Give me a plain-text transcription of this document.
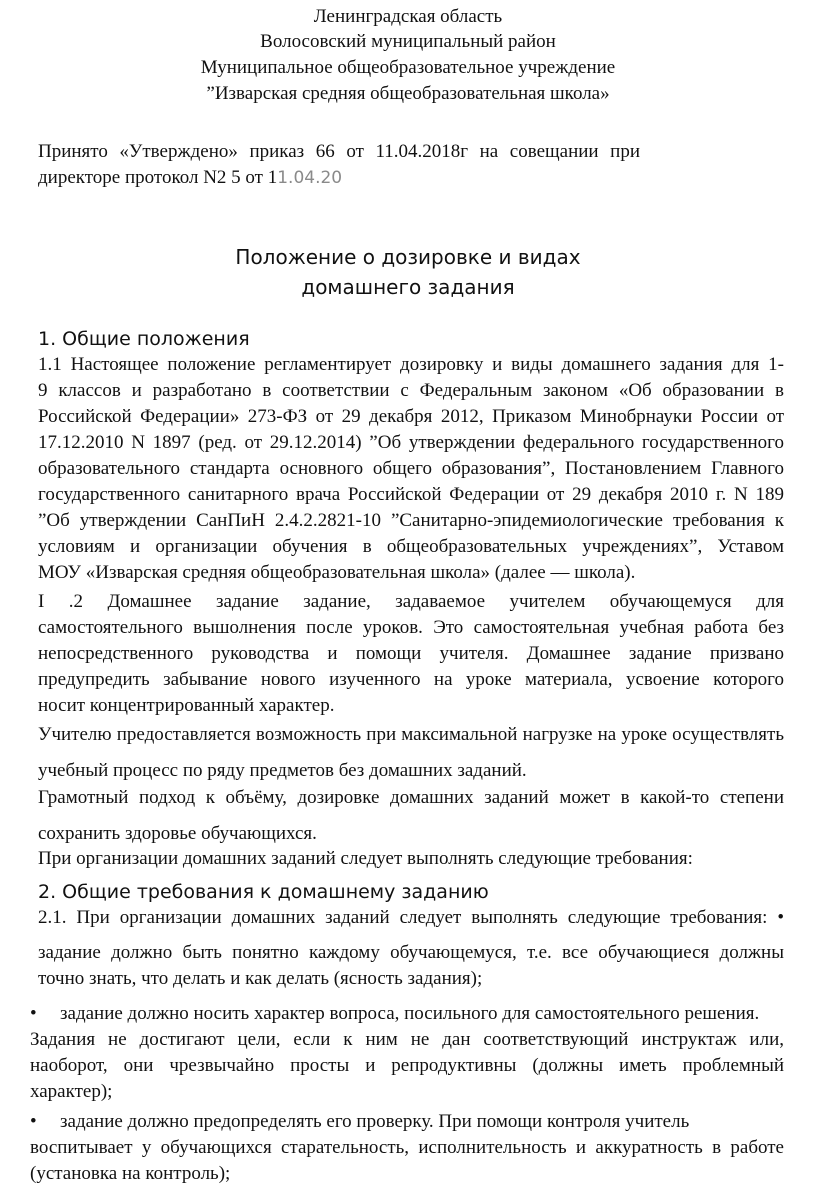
Ленинградская область
Волосовский муниципальный район
Муниципальное общеобразовательное учреждение
”Изварская средняя общеобразовательная школа»
Принято «Утверждено» приказ 66 от 11.04.2018г на совещании при
директоре протокол N2 5 от 11.04.20
Положение о дозировке и видах
домашнего задания
1. Общие положения
1.1 Настоящее положение регламентирует дозировку и виды домашнего задания для 1-
9 классов и разработано в соответствии с Федеральным законом «Об образовании в
Российской Федерации» 273-ФЗ от 29 декабря 2012, Приказом Минобрнауки России от
17.12.2010 N 1897 (ред. от 29.12.2014) ”Об утверждении федерального государственного
образовательного стандарта основного общего образования”, Постановлением Главного
государственного санитарного врача Российской Федерации от 29 декабря 2010 г. N 189
”Об утверждении СанПиН 2.4.2.2821-10 ”Санитарно-эпидемиологические требования к
условиям и организации обучения в общеобразовательных учреждениях”, Уставом
МОУ «Изварская средняя общеобразовательная школа» (далее — школа).
I .2 Домашнее задание задание, задаваемое учителем обучающемуся для
самостоятельного вышолнения после уроков. Это самостоятельная учебная работа без
непосредственного руководства и помощи учителя. Домашнее задание призвано
предупредить забывание нового изученного на уроке материала, усвоение которого
носит концентрированный характер.
Учителю предоставляется возможность при максимальной нагрузке на уроке осуществлять
учебный процесс по ряду предметов без домашних заданий.
Грамотный подход к объёму, дозировке домашних заданий может в какой-то степени
сохранить здоровье обучающихся.
При организации домашних заданий следует выполнять следующие требования:
2. Общие требования к домашнему заданию
2.1. При организации домашних заданий следует выполнять следующие требования: •
задание должно быть понятно каждому обучающемуся, т.е. все обучающиеся должны
точно знать, что делать и как делать (ясность задания);
• задание должно носить характер вопроса, посильного для самостоятельного решения.
Задания не достигают цели, если к ним не дан соответствующий инструктаж или,
наоборот, они чрезвычайно просты и репродуктивны (должны иметь проблемный
характер);
• задание должно предопределять его проверку. При помощи контроля учитель
воспитывает у обучающихся старательность, исполнительность и аккуратность в работе
(установка на контроль);
